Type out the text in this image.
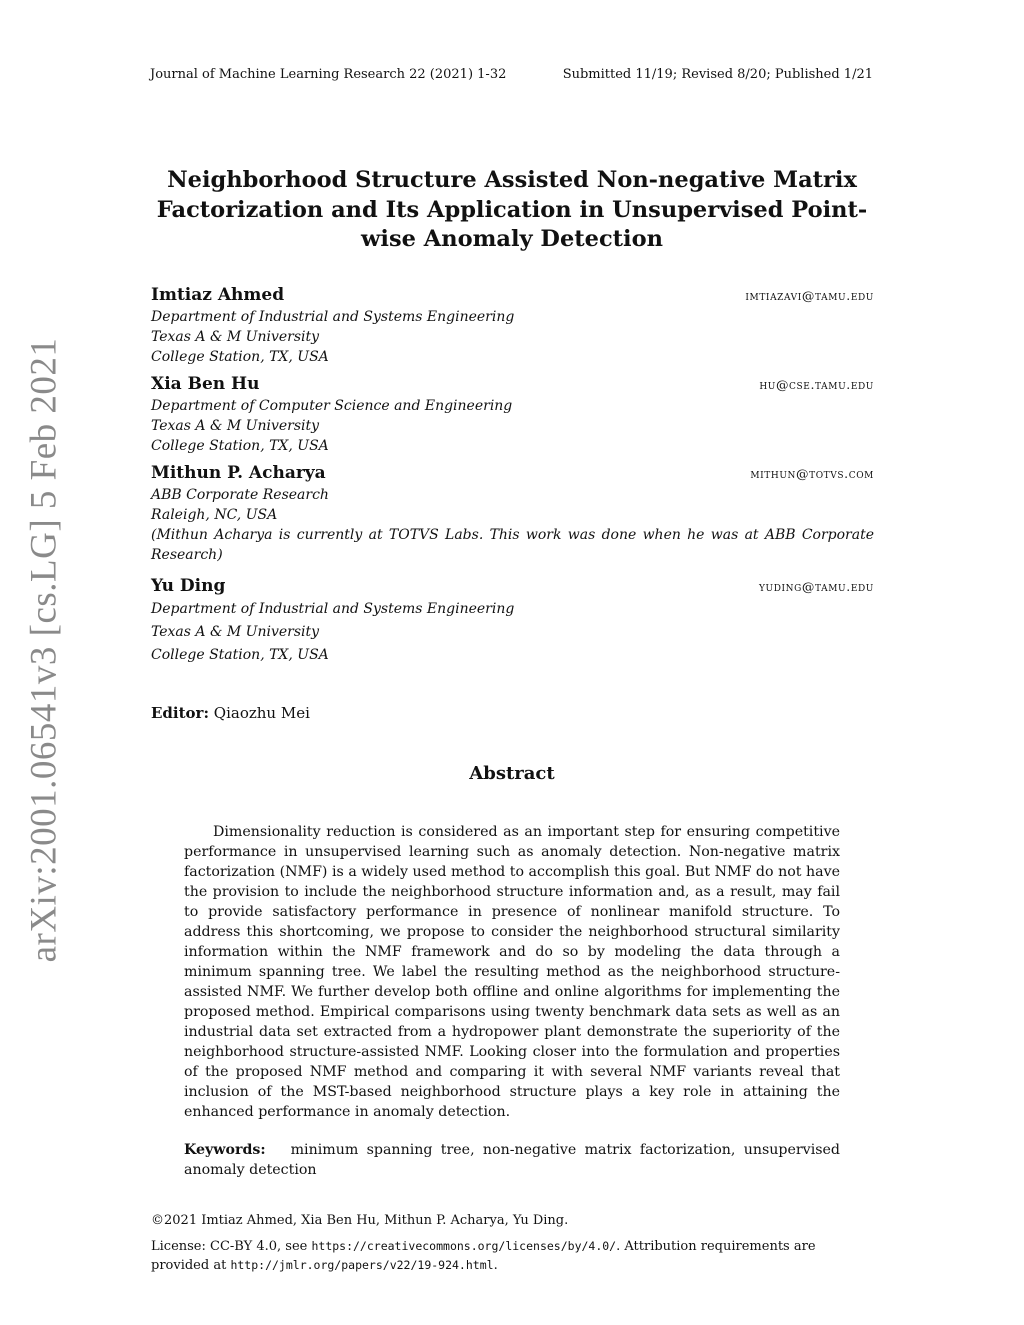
Journal of Machine Learning Research 22 (2021) 1-32	Submitted 11/19; Revised 8/20; Published 1/21
arXiv:2001.06541v3 [cs.LG] 5 Feb 2021
Neighborhood Structure Assisted Non-negative Matrix Factorization and Its Application in Unsupervised Point-wise Anomaly Detection
Imtiaz Ahmed	imtiazavi@tamu.edu
Department of Industrial and Systems Engineering
Texas A & M University
College Station, TX, USA
Xia Ben Hu	hu@cse.tamu.edu
Department of Computer Science and Engineering
Texas A & M University
College Station, TX, USA
Mithun P. Acharya	mithun@totvs.com
ABB Corporate Research
Raleigh, NC, USA
(Mithun Acharya is currently at TOTVS Labs. This work was done when he was at ABB Corporate Research)
Yu Ding	yuding@tamu.edu
Department of Industrial and Systems Engineering
Texas A & M University
College Station, TX, USA
Editor: Qiaozhu Mei
Abstract
Dimensionality reduction is considered as an important step for ensuring competitive performance in unsupervised learning such as anomaly detection. Non-negative matrix factorization (NMF) is a widely used method to accomplish this goal. But NMF do not have the provision to include the neighborhood structure information and, as a result, may fail to provide satisfactory performance in presence of nonlinear manifold structure. To address this shortcoming, we propose to consider the neighborhood structural similarity information within the NMF framework and do so by modeling the data through a minimum spanning tree. We label the resulting method as the neighborhood structure-assisted NMF. We further develop both offline and online algorithms for implementing the proposed method. Empirical comparisons using twenty benchmark data sets as well as an industrial data set extracted from a hydropower plant demonstrate the superiority of the neighborhood structure-assisted NMF. Looking closer into the formulation and properties of the proposed NMF method and comparing it with several NMF variants reveal that inclusion of the MST-based neighborhood structure plays a key role in attaining the enhanced performance in anomaly detection.
Keywords: minimum spanning tree, non-negative matrix factorization, unsupervised anomaly detection
©2021 Imtiaz Ahmed, Xia Ben Hu, Mithun P. Acharya, Yu Ding.
License: CC-BY 4.0, see https://creativecommons.org/licenses/by/4.0/. Attribution requirements are provided at http://jmlr.org/papers/v22/19-924.html.
